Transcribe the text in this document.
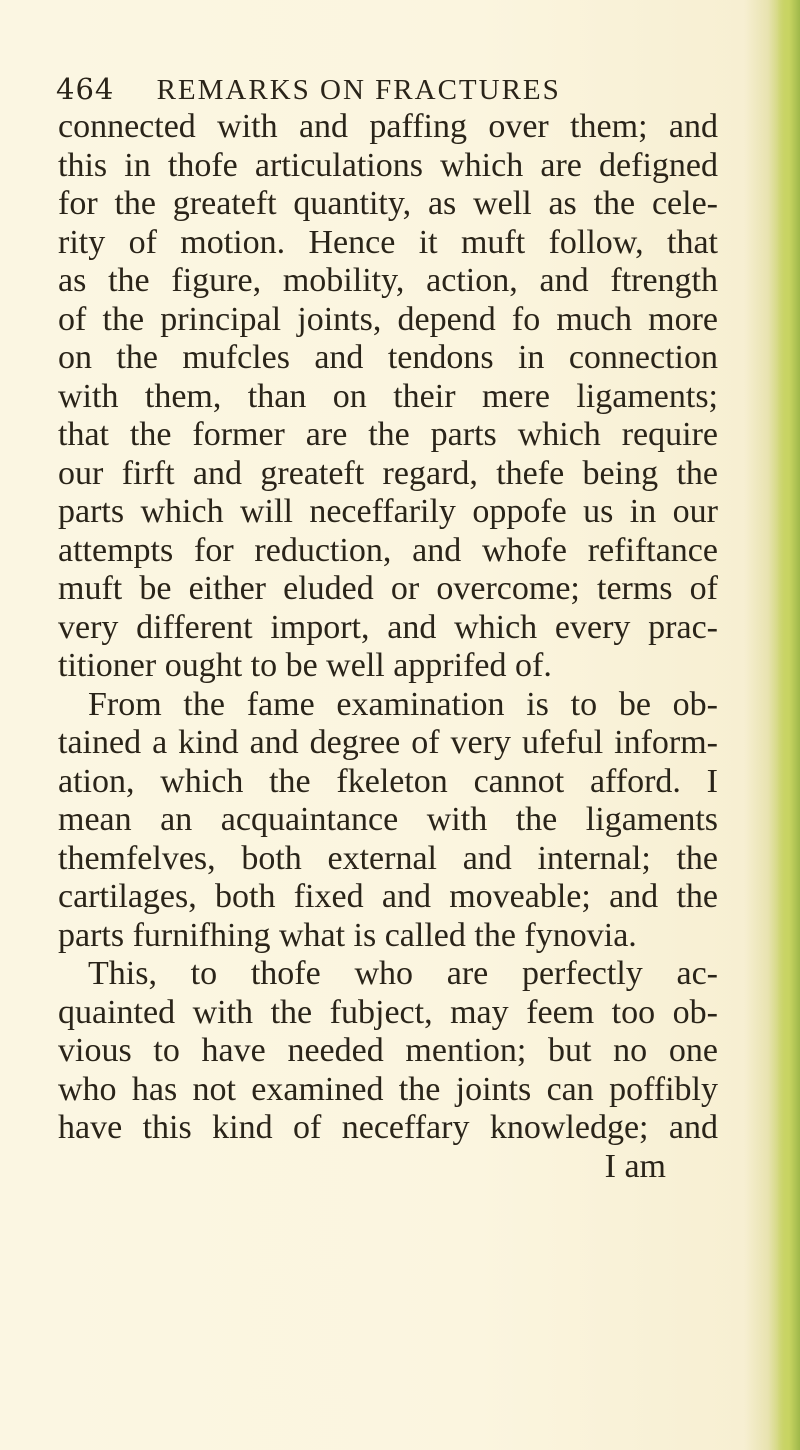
464 REMARKS ON FRACTURES
connected with and paffing over them; and
this in thofe articulations which are defigned
for the greateft quantity, as well as the cele-
rity of motion. Hence it muft follow, that
as the figure, mobility, action, and ftrength
of the principal joints, depend fo much more
on the mufcles and tendons in connection
with them, than on their mere ligaments;
that the former are the parts which require
our firft and greateft regard, thefe being the
parts which will neceffarily oppofe us in our
attempts for reduction, and whofe refiftance
muft be either eluded or overcome; terms of
very different import, and which every prac-
titioner ought to be well apprifed of.
From the fame examination is to be ob-
tained a kind and degree of very ufeful inform-
ation, which the fkeleton cannot afford. I
mean an acquaintance with the ligaments
themfelves, both external and internal; the
cartilages, both fixed and moveable; and the
parts furnifhing what is called the fynovia.
This, to thofe who are perfectly ac-
quainted with the fubject, may feem too ob-
vious to have needed mention; but no one
who has not examined the joints can poffibly
have this kind of neceffary knowledge; and
I am
